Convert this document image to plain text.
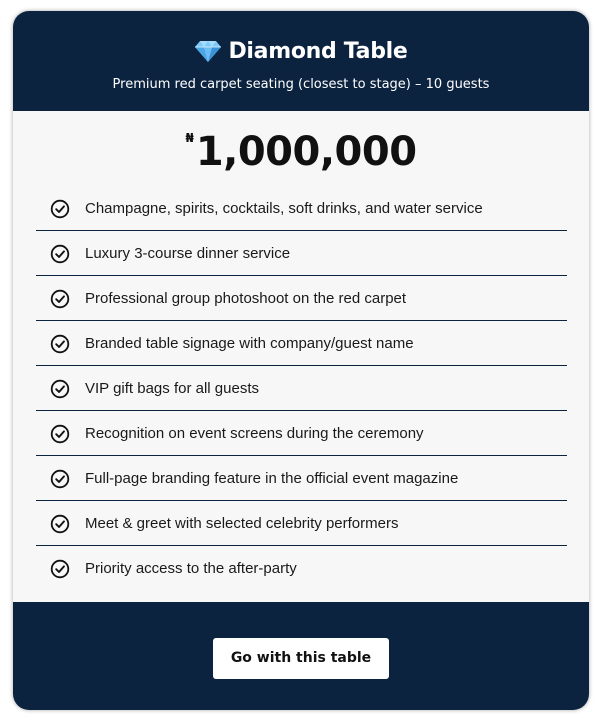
Diamond Table
Premium red carpet seating (closest to stage) – 10 guests
₦ 1,000,000
Champagne, spirits, cocktails, soft drinks, and water service
Luxury 3-course dinner service
Professional group photoshoot on the red carpet
Branded table signage with company/guest name
VIP gift bags for all guests
Recognition on event screens during the ceremony
Full-page branding feature in the official event magazine
Meet & greet with selected celebrity performers
Priority access to the after-party
Go with this table
